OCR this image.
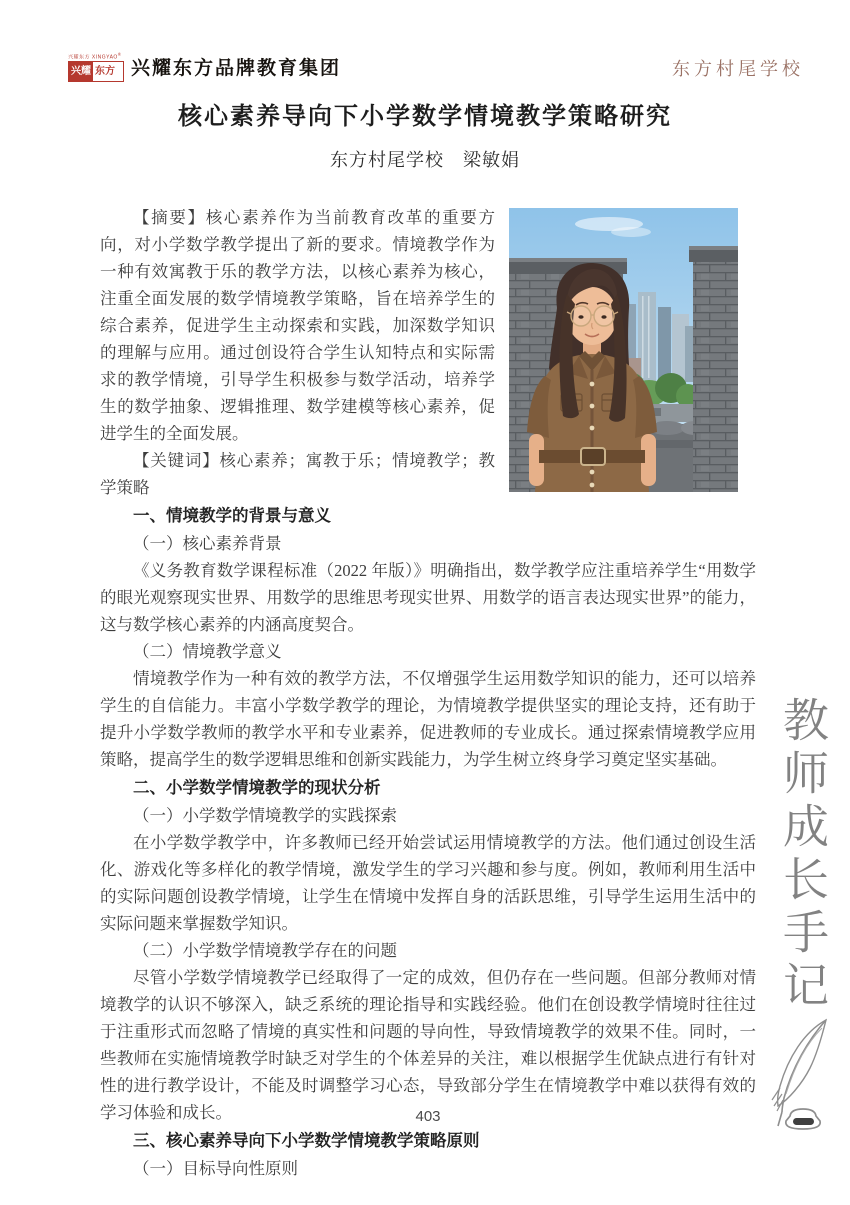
兴耀东方 XINGYAO®
兴耀 东方 兴耀东方品牌教育集团	东方村尾学校
核心素养导向下小学数学情境教学策略研究
东方村尾学校　梁敏娟

【摘要】核心素养作为当前教育改革的重要方向，对小学数学教学提出了新的要求。情境教学作为一种有效寓教于乐的教学方法，以核心素养为核心，注重全面发展的数学情境教学策略，旨在培养学生的综合素养，促进学生主动探索和实践，加深数学知识的理解与应用。通过创设符合学生认知特点和实际需求的教学情境，引导学生积极参与数学活动，培养学生的数学抽象、逻辑推理、数学建模等核心素养，促进学生的全面发展。

【关键词】核心素养；寓教于乐；情境教学；教学策略

一、情境教学的背景与意义

（一）核心素养背景

《义务教育数学课程标准（2022 年版）》明确指出，数学教学应注重培养学生“用数学的眼光观察现实世界、用数学的思维思考现实世界、用数学的语言表达现实世界”的能力，这与数学核心素养的内涵高度契合。

（二）情境教学意义

情境教学作为一种有效的教学方法，不仅增强学生运用数学知识的能力，还可以培养学生的自信能力。丰富小学数学教学的理论，为情境教学提供坚实的理论支持，还有助于提升小学数学教师的教学水平和专业素养，促进教师的专业成长。通过探索情境教学应用策略，提高学生的数学逻辑思维和创新实践能力，为学生树立终身学习奠定坚实基础。

二、小学数学情境教学的现状分析

（一）小学数学情境教学的实践探索

在小学数学教学中，许多教师已经开始尝试运用情境教学的方法。他们通过创设生活化、游戏化等多样化的教学情境，激发学生的学习兴趣和参与度。例如，教师利用生活中的实际问题创设教学情境，让学生在情境中发挥自身的活跃思维，引导学生运用生活中的实际问题来掌握数学知识。

（二）小学数学情境教学存在的问题

尽管小学数学情境教学已经取得了一定的成效，但仍存在一些问题。但部分教师对情境教学的认识不够深入，缺乏系统的理论指导和实践经验。他们在创设教学情境时往往过于注重形式而忽略了情境的真实性和问题的导向性，导致情境教学的效果不佳。同时，一些教师在实施情境教学时缺乏对学生的个体差异的关注，难以根据学生优缺点进行有针对性的进行教学设计，不能及时调整学习心态，导致部分学生在情境教学中难以获得有效的学习体验和成长。

三、核心素养导向下小学数学情境教学策略原则

（一）目标导向性原则

教师成长手记
403
